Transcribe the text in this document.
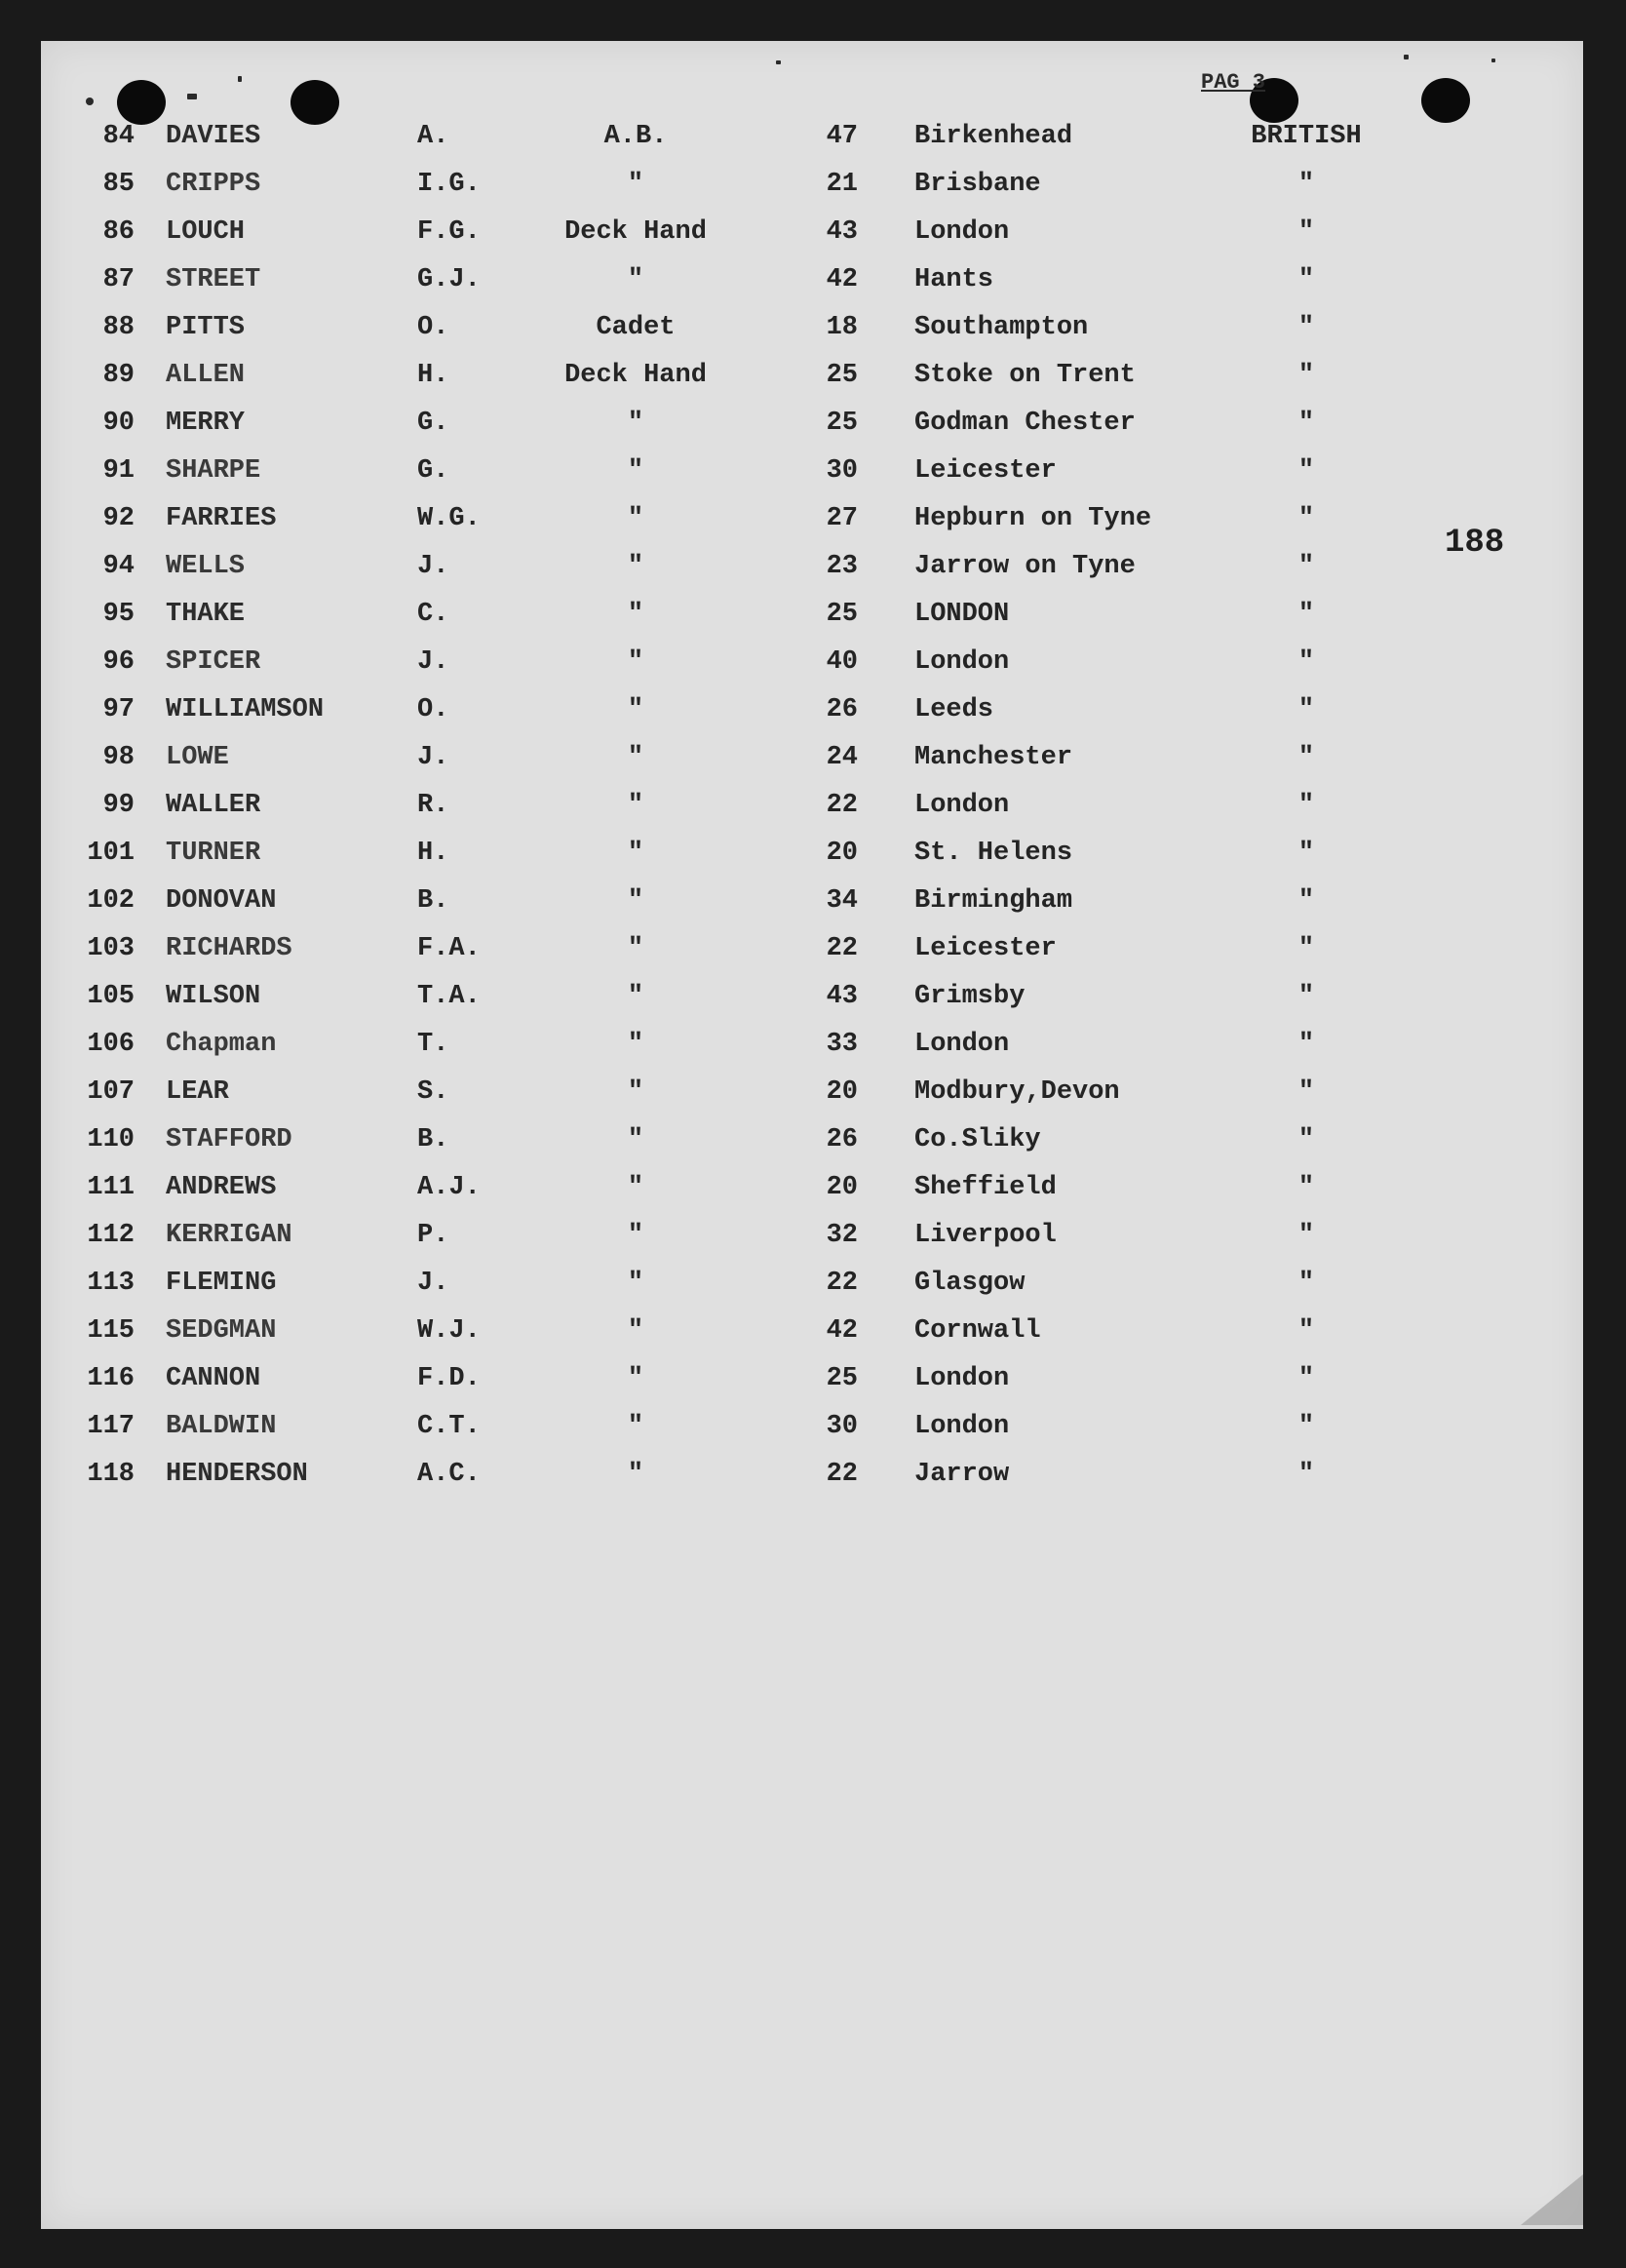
PAG 3
188
84 DAVIES	A.	A.B.	47 Birkenhead	BRITISH
85 CRIPPS	I.G.	"	21 Brisbane	"
86 LOUCH	F.G.	Deck Hand	43 London	"
87 STREET	G.J.	"	42 Hants	"
88 PITTS	O.	Cadet	18 Southampton	"
89 ALLEN	H.	Deck Hand	25 Stoke on Trent	"
90 MERRY	G.	"	25 Godman Chester	"
91 SHARPE	G.	"	30 Leicester	"
92 FARRIES	W.G.	"	27 Hepburn on Tyne	"
94 WELLS	J.	"	23 Jarrow on Tyne	"
95 THAKE	C.	"	25 LONDON	"
96 SPICER	J.	"	40 London	"
97 WILLIAMSON	O.	"	26 Leeds	"
98 LOWE	J.	"	24 Manchester	"
99 WALLER	R.	"	22 London	"
101 TURNER	H.	"	20 St. Helens	"
102 DONOVAN	B.	"	34 Birmingham	"
103 RICHARDS	F.A.	"	22 Leicester	"
105 WILSON	T.A.	"	43 Grimsby	"
106 Chapman	T.	"	33 London	"
107 LEAR	S.	"	20 Modbury,Devon	"
110 STAFFORD	B.	"	26 Co.Sliky	"
111 ANDREWS	A.J.	"	20 Sheffield	"
112 KERRIGAN	P.	"	32 Liverpool	"
113 FLEMING	J.	"	22 Glasgow	"
115 SEDGMAN	W.J.	"	42 Cornwall	"
116 CANNON	F.D.	"	25 London	"
117 BALDWIN	C.T.	"	30 London	"
118 HENDERSON	A.C.	"	22 Jarrow	"
